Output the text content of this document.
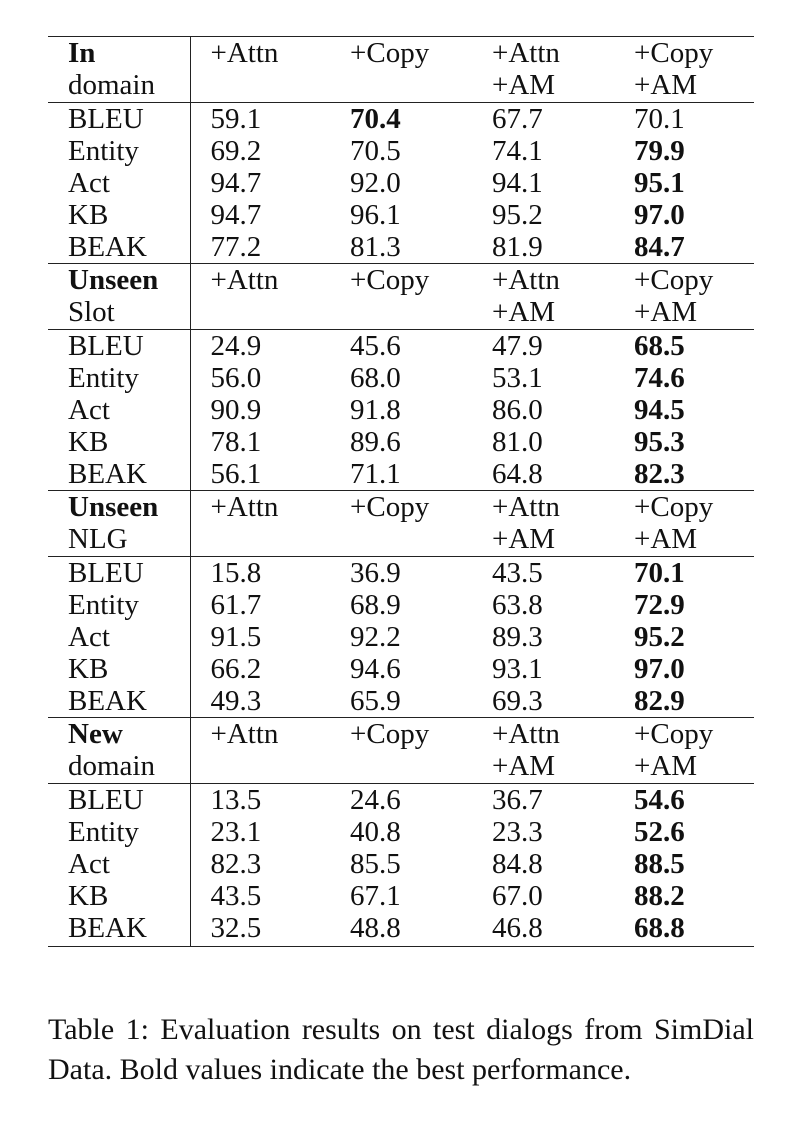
In	+Attn	+Copy	+Attn	+Copy
domain			+AM	+AM
BLEU	59.1	70.4	67.7	70.1
Entity	69.2	70.5	74.1	79.9
Act	94.7	92.0	94.1	95.1
KB	94.7	96.1	95.2	97.0
BEAK	77.2	81.3	81.9	84.7
Unseen	+Attn	+Copy	+Attn	+Copy
Slot			+AM	+AM
BLEU	24.9	45.6	47.9	68.5
Entity	56.0	68.0	53.1	74.6
Act	90.9	91.8	86.0	94.5
KB	78.1	89.6	81.0	95.3
BEAK	56.1	71.1	64.8	82.3
Unseen	+Attn	+Copy	+Attn	+Copy
NLG			+AM	+AM
BLEU	15.8	36.9	43.5	70.1
Entity	61.7	68.9	63.8	72.9
Act	91.5	92.2	89.3	95.2
KB	66.2	94.6	93.1	97.0
BEAK	49.3	65.9	69.3	82.9
New	+Attn	+Copy	+Attn	+Copy
domain			+AM	+AM
BLEU	13.5	24.6	36.7	54.6
Entity	23.1	40.8	23.3	52.6
Act	82.3	85.5	84.8	88.5
KB	43.5	67.1	67.0	88.2
BEAK	32.5	48.8	46.8	68.8

Table 1: Evaluation results on test dialogs from SimDial Data. Bold values indicate the best performance.
